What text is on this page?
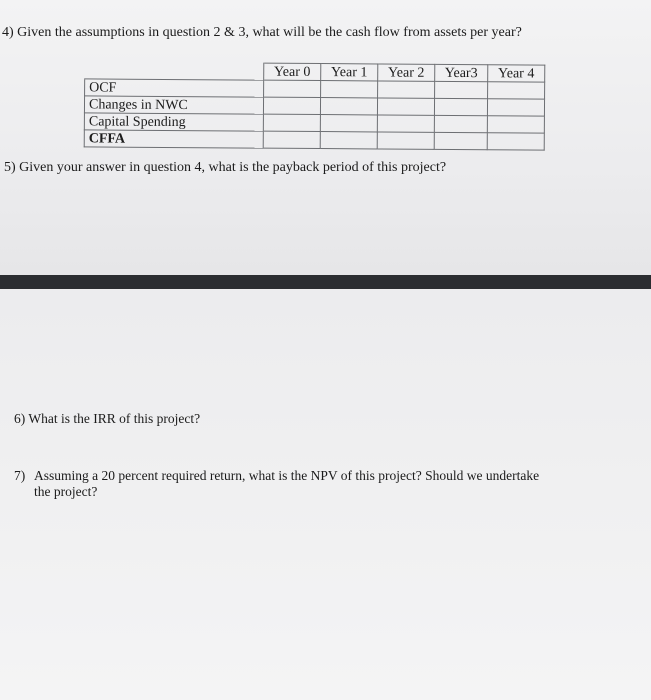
4) Given the assumptions in question 2 & 3, what will be the cash flow from assets per year?
	Year 0	Year 1	Year 2	Year3	Year 4
OCF					
Changes in NWC					
Capital Spending					
CFFA					
5) Given your answer in question 4, what is the payback period of this project?
6) What is the IRR of this project?
7) Assuming a 20 percent required return, what is the NPV of this project? Should we undertake the project?
